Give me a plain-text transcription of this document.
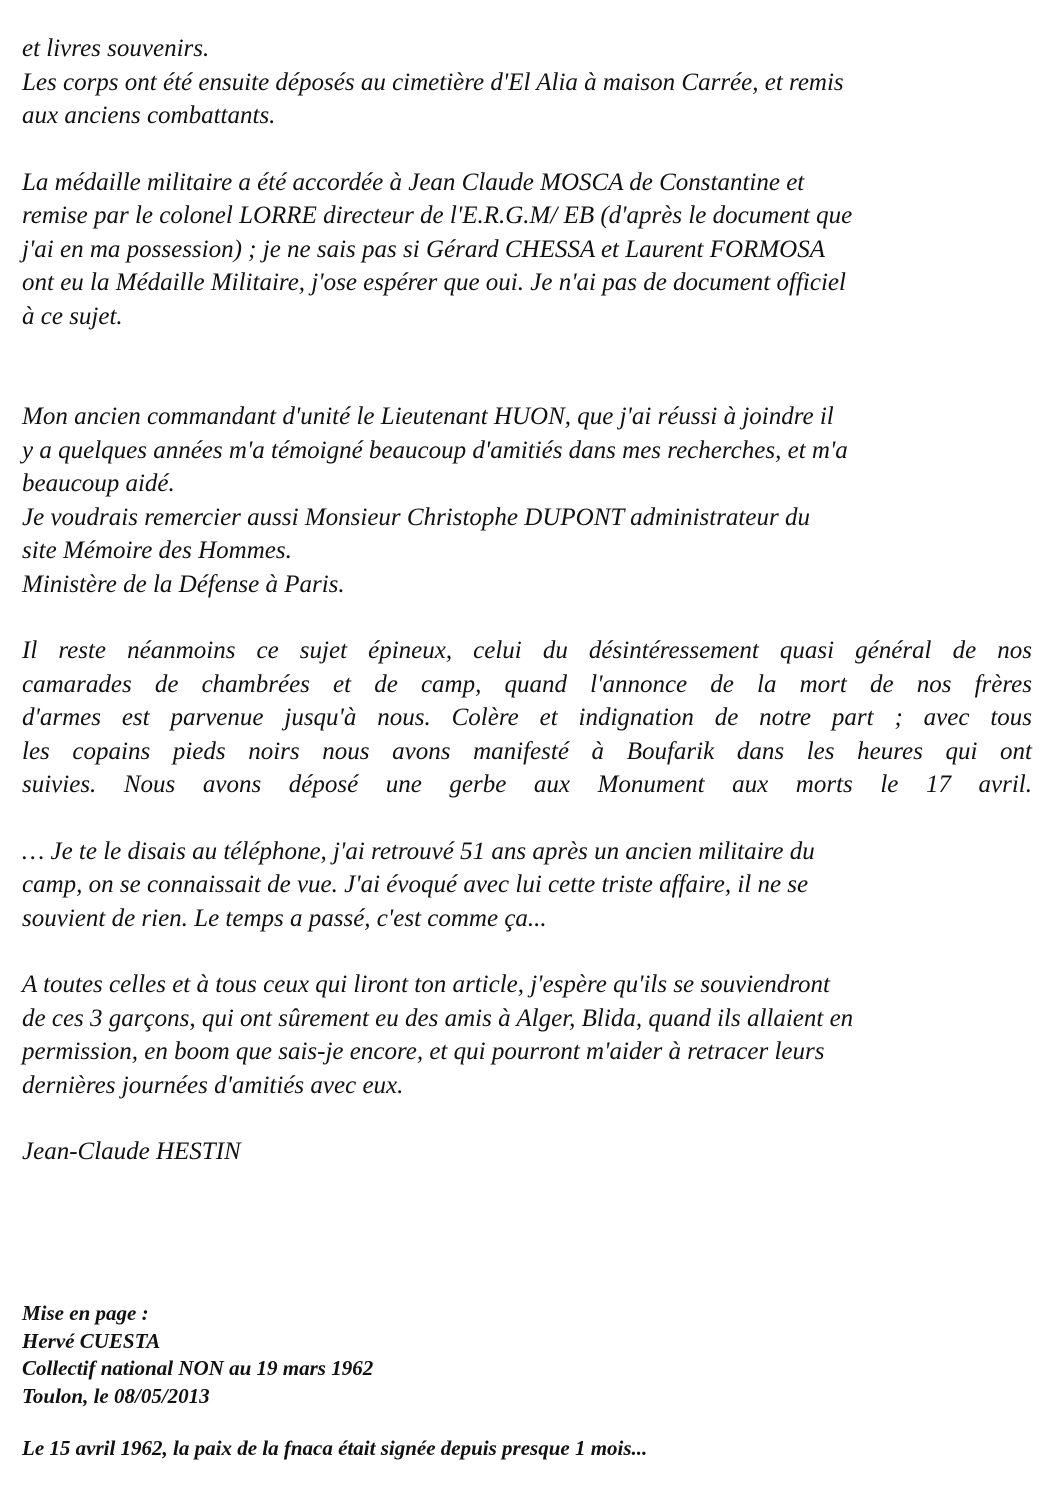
et livres souvenirs.

Les corps ont été ensuite déposés au cimetière d'El Alia à maison Carrée, et remis

aux anciens combattants.

La médaille militaire a été accordée à Jean Claude MOSCA de Constantine et

remise par le colonel LORRE directeur de l'E.R.G.M/ EB (d'après le document que

j'ai en ma possession) ; je ne sais pas si Gérard CHESSA et Laurent FORMOSA

ont eu la Médaille Militaire, j'ose espérer que oui. Je n'ai pas de document officiel

à ce sujet.

Mon ancien commandant d'unité le Lieutenant HUON, que j'ai réussi à joindre il

y a quelques années m'a témoigné beaucoup d'amitiés dans mes recherches, et m'a

beaucoup aidé.

Je voudrais remercier aussi Monsieur Christophe DUPONT administrateur du

site Mémoire des Hommes.

Ministère de la Défense à Paris.

Il reste néanmoins ce sujet épineux, celui du désintéressement quasi général de nos

camarades de chambrées et de camp, quand l'annonce de la mort de nos frères

d'armes est parvenue jusqu'à nous. Colère et indignation de notre part ; avec tous

les copains pieds noirs nous avons manifesté à Boufarik dans les heures qui ont

suivies. Nous avons déposé une gerbe aux Monument aux morts le 17 avril.

… Je te le disais au téléphone, j'ai retrouvé 51 ans après un ancien militaire du

camp, on se connaissait de vue. J'ai évoqué avec lui cette triste affaire, il ne se

souvient de rien. Le temps a passé, c'est comme ça...

A toutes celles et à tous ceux qui liront ton article, j'espère qu'ils se souviendront

de ces 3 garçons, qui ont sûrement eu des amis à Alger, Blida, quand ils allaient en

permission, en boom que sais-je encore, et qui pourront m'aider à retracer leurs

dernières journées d'amitiés avec eux.

Jean-Claude HESTIN

Mise en page :

Hervé CUESTA

Collectif national NON au 19 mars 1962

Toulon, le 08/05/2013

Le 15 avril 1962, la paix de la fnaca était signée depuis presque 1 mois...
